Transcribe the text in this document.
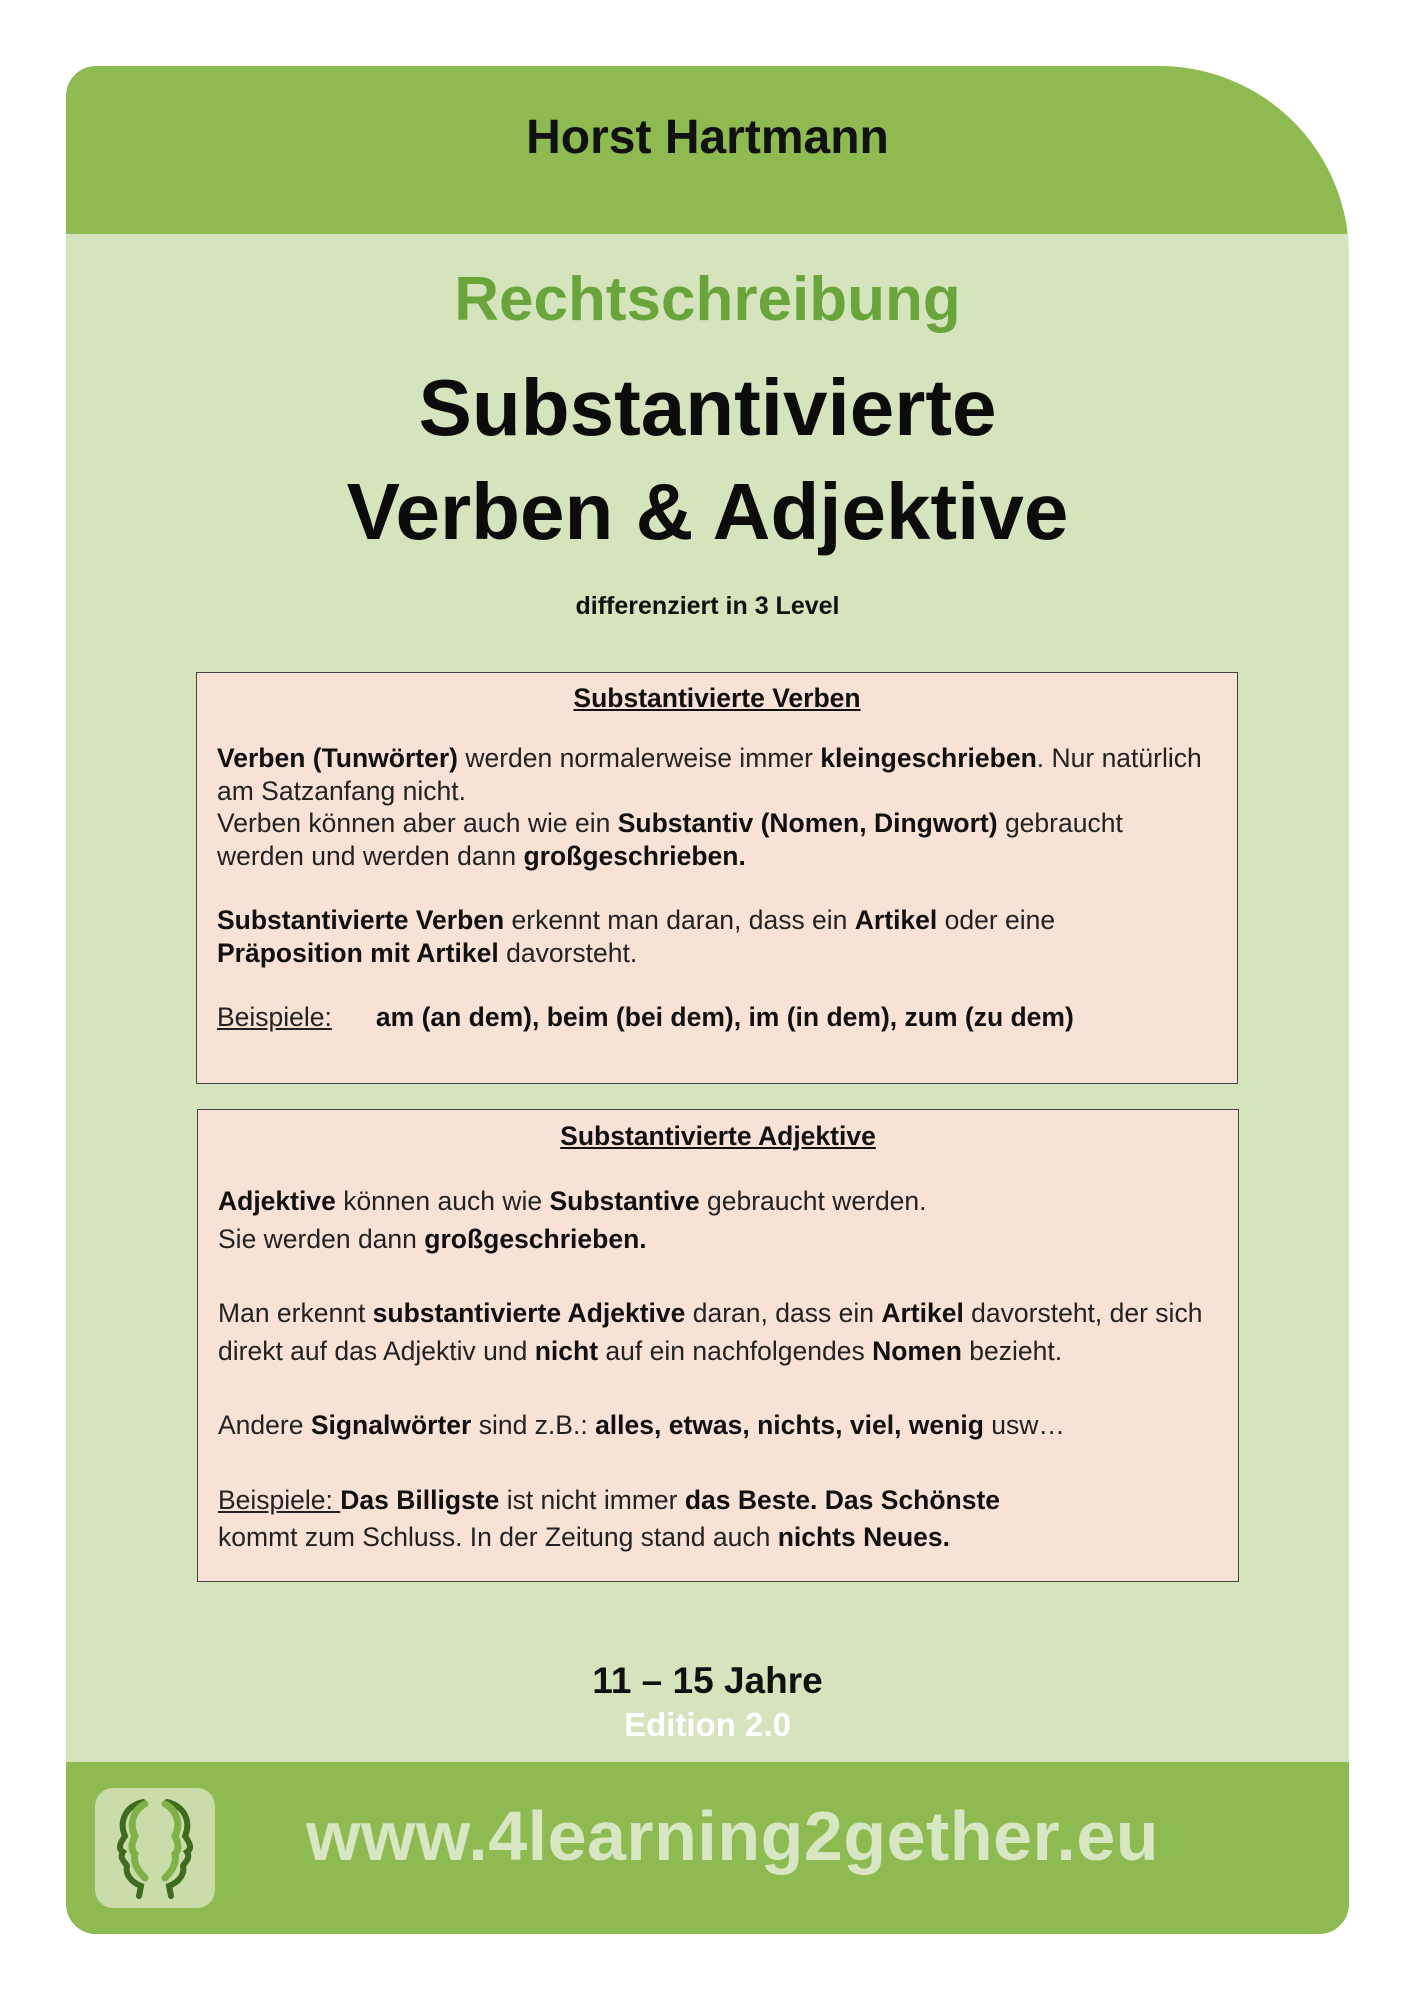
Horst Hartmann
Rechtschreibung
Substantivierte
Verben & Adjektive
differenziert in 3 Level
Substantivierte Verben

Verben (Tunwörter) werden normalerweise immer kleingeschrieben. Nur natürlich am Satzanfang nicht.
Verben können aber auch wie ein Substantiv (Nomen, Dingwort) gebraucht werden und werden dann großgeschrieben.

Substantivierte Verben erkennt man daran, dass ein Artikel oder eine
Präposition mit Artikel davorsteht.

Beispiele: am (an dem), beim (bei dem), im (in dem), zum (zu dem)

Substantivierte Adjektive

Adjektive können auch wie Substantive gebraucht werden.
Sie werden dann großgeschrieben.

Man erkennt substantivierte Adjektive daran, dass ein Artikel davorsteht, der sich direkt auf das Adjektiv und nicht auf ein nachfolgendes Nomen bezieht.

Andere Signalwörter sind z.B.: alles, etwas, nichts, viel, wenig usw…

Beispiele: Das Billigste ist nicht immer das Beste. Das Schönste
kommt zum Schluss. In der Zeitung stand auch nichts Neues.

11 – 15 Jahre
Edition 2.0
www.4learning2gether.eu
